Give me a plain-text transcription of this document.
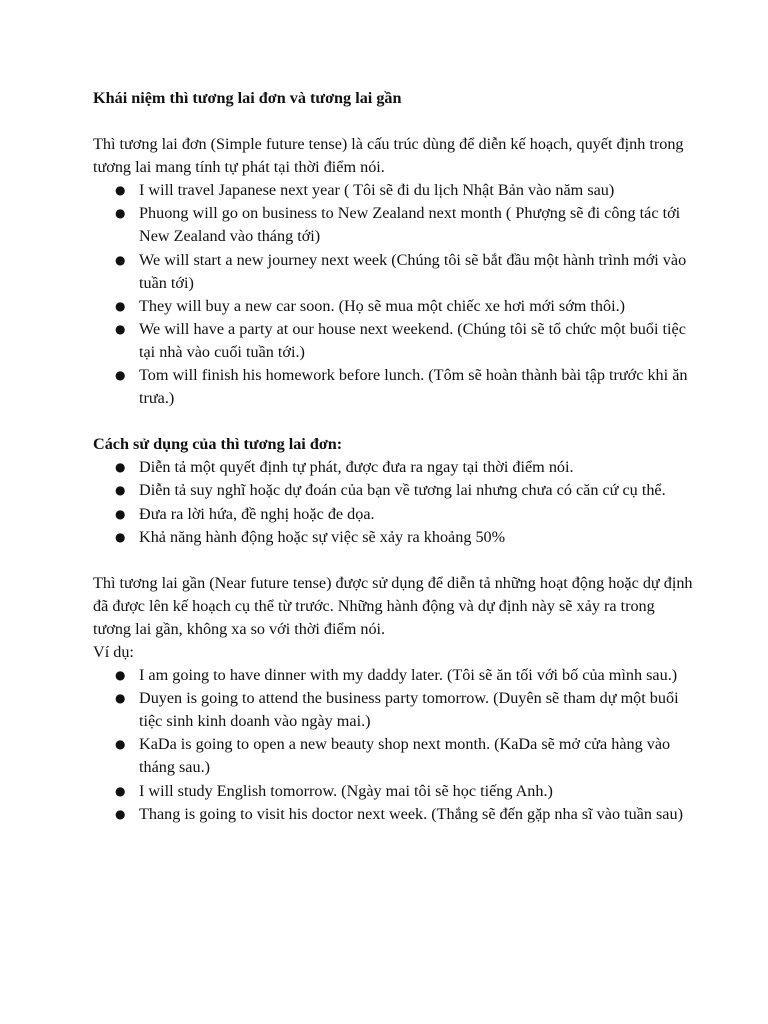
Khái niệm thì tương lai đơn và tương lai gần

Thì tương lai đơn (Simple future tense) là cấu trúc dùng để diễn kế hoạch, quyết định trong tương lai mang tính tự phát tại thời điểm nói.

● I will travel Japanese next year ( Tôi sẽ đi du lịch Nhật Bản vào năm sau)
● Phuong will go on business to New Zealand next month ( Phượng sẽ đi công tác tới New Zealand vào tháng tới)
● We will start a new journey next week (Chúng tôi sẽ bắt đầu một hành trình mới vào tuần tới)
● They will buy a new car soon. (Họ sẽ mua một chiếc xe hơi mới sớm thôi.)
● We will have a party at our house next weekend. (Chúng tôi sẽ tổ chức một buổi tiệc tại nhà vào cuối tuần tới.)
● Tom will finish his homework before lunch. (Tôm sẽ hoàn thành bài tập trước khi ăn trưa.)

Cách sử dụng của thì tương lai đơn:

● Diễn tả một quyết định tự phát, được đưa ra ngay tại thời điểm nói.
● Diễn tả suy nghĩ hoặc dự đoán của bạn về tương lai nhưng chưa có căn cứ cụ thể.
● Đưa ra lời hứa, đề nghị hoặc đe dọa.
● Khả năng hành động hoặc sự việc sẽ xảy ra khoảng 50%

Thì tương lai gần (Near future tense) được sử dụng để diễn tả những hoạt động hoặc dự định đã được lên kế hoạch cụ thể từ trước. Những hành động và dự định này sẽ xảy ra trong tương lai gần, không xa so với thời điểm nói.

Ví dụ:

● I am going to have dinner with my daddy later. (Tôi sẽ ăn tối với bố của mình sau.)
● Duyen is going to attend the business party tomorrow. (Duyên sẽ tham dự một buổi tiệc sinh kinh doanh vào ngày mai.)
● KaDa is going to open a new beauty shop next month. (KaDa sẽ mở cửa hàng vào tháng sau.)
● I will study English tomorrow. (Ngày mai tôi sẽ học tiếng Anh.)
● Thang is going to visit his doctor next week. (Thắng sẽ đến gặp nha sĩ vào tuần sau)
